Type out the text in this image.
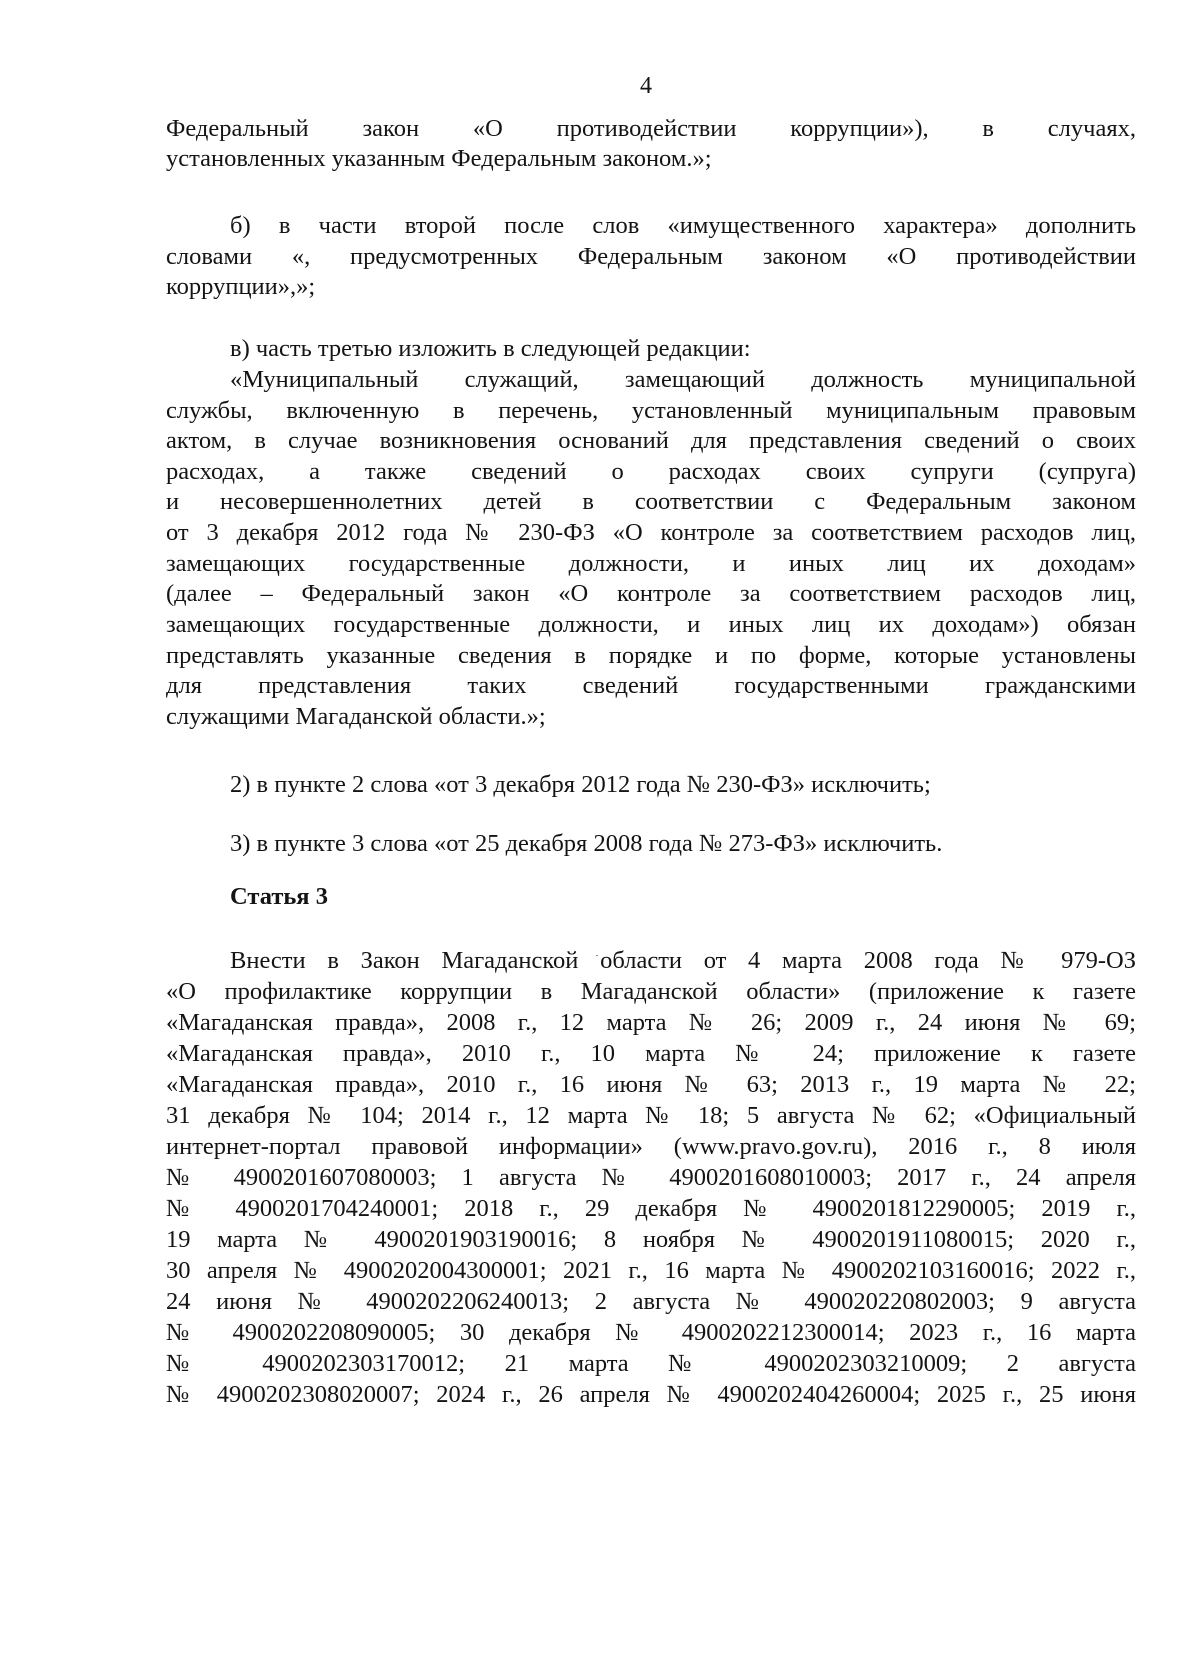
4
Федеральный закон «О противодействии коррупции»), в случаях,
установленных указанным Федеральным законом.»;
б) в части второй после слов «имущественного характера» дополнить
словами «, предусмотренных Федеральным законом «О противодействии
коррупции»,»;
в) часть третью изложить в следующей редакции:
«Муниципальный служащий, замещающий должность муниципальной
службы, включенную в перечень, установленный муниципальным правовым
актом, в случае возникновения оснований для представления сведений о своих
расходах, а также сведений о расходах своих супруги (супруга)
и несовершеннолетних детей в соответствии с Федеральным законом
от 3 декабря 2012 года № 230-ФЗ «О контроле за соответствием расходов лиц,
замещающих государственные должности, и иных лиц их доходам»
(далее – Федеральный закон «О контроле за соответствием расходов лиц,
замещающих государственные должности, и иных лиц их доходам») обязан
представлять указанные сведения в порядке и по форме, которые установлены
для представления таких сведений государственными гражданскими
служащими Магаданской области.»;
2) в пункте 2 слова «от 3 декабря 2012 года № 230-ФЗ» исключить;
3) в пункте 3 слова «от 25 декабря 2008 года № 273-ФЗ» исключить.
Статья 3
Внести в Закон Магаданской области от 4 марта 2008 года № 979-ОЗ
«О профилактике коррупции в Магаданской области» (приложение к газете
«Магаданская правда», 2008 г., 12 марта № 26; 2009 г., 24 июня № 69;
«Магаданская правда», 2010 г., 10 марта № 24; приложение к газете
«Магаданская правда», 2010 г., 16 июня № 63; 2013 г., 19 марта № 22;
31 декабря № 104; 2014 г., 12 марта № 18; 5 августа № 62; «Официальный
интернет-портал правовой информации» (www.pravo.gov.ru), 2016 г., 8 июля
№ 4900201607080003; 1 августа № 4900201608010003; 2017 г., 24 апреля
№ 4900201704240001; 2018 г., 29 декабря № 4900201812290005; 2019 г.,
19 марта № 4900201903190016; 8 ноября № 4900201911080015; 2020 г.,
30 апреля № 4900202004300001; 2021 г., 16 марта № 4900202103160016; 2022 г.,
24 июня № 4900202206240013; 2 августа № 490020220802003; 9 августа
№ 4900202208090005; 30 декабря № 4900202212300014; 2023 г., 16 марта
№ 4900202303170012; 21 марта № 4900202303210009; 2 августа
№ 4900202308020007; 2024 г., 26 апреля № 4900202404260004; 2025 г., 25 июня
